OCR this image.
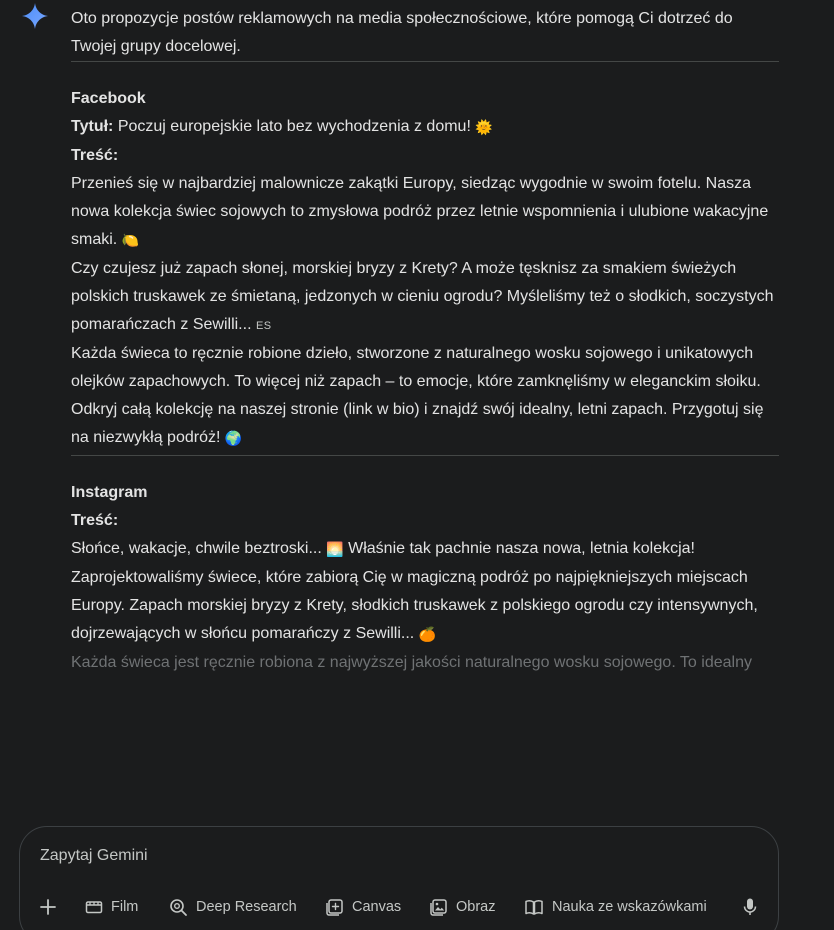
Oto propozycje postów reklamowych na media społecznościowe, które pomogą Ci dotrzeć do Twojej grupy docelowej.

Facebook

Tytuł: Poczuj europejskie lato bez wychodzenia z domu! 🌞

Treść:

Przenieś się w najbardziej malownicze zakątki Europy, siedząc wygodnie w swoim fotelu. Nasza nowa kolekcja świec sojowych to zmysłowa podróż przez letnie wspomnienia i ulubione wakacyjne smaki. 🍋

Czy czujesz już zapach słonej, morskiej bryzy z Krety? A może tęsknisz za smakiem świeżych polskich truskawek ze śmietaną, jedzonych w cieniu ogrodu? Myśleliśmy też o słodkich, soczystych pomarańczach z Sewilli... ES

Każda świeca to ręcznie robione dzieło, stworzone z naturalnego wosku sojowego i unikatowych olejków zapachowych. To więcej niż zapach – to emocje, które zamknęliśmy w eleganckim słoiku.

Odkryj całą kolekcję na naszej stronie (link w bio) i znajdź swój idealny, letni zapach. Przygotuj się na niezwykłą podróż! 🌍

Instagram

Treść:

Słońce, wakacje, chwile beztroski... 🌅 Właśnie tak pachnie nasza nowa, letnia kolekcja!

Zaprojektowaliśmy świece, które zabiorą Cię w magiczną podróż po najpiękniejszych miejscach Europy. Zapach morskiej bryzy z Krety, słodkich truskawek z polskiego ogrodu czy intensywnych, dojrzewających w słońcu pomarańczy z Sewilli... 🍊

Każda świeca jest ręcznie robiona z najwyższej jakości naturalnego wosku sojowego. To idealny

Zapytaj Gemini
Film	Deep Research	Canvas	Obraz	Nauka ze wskazówkami
